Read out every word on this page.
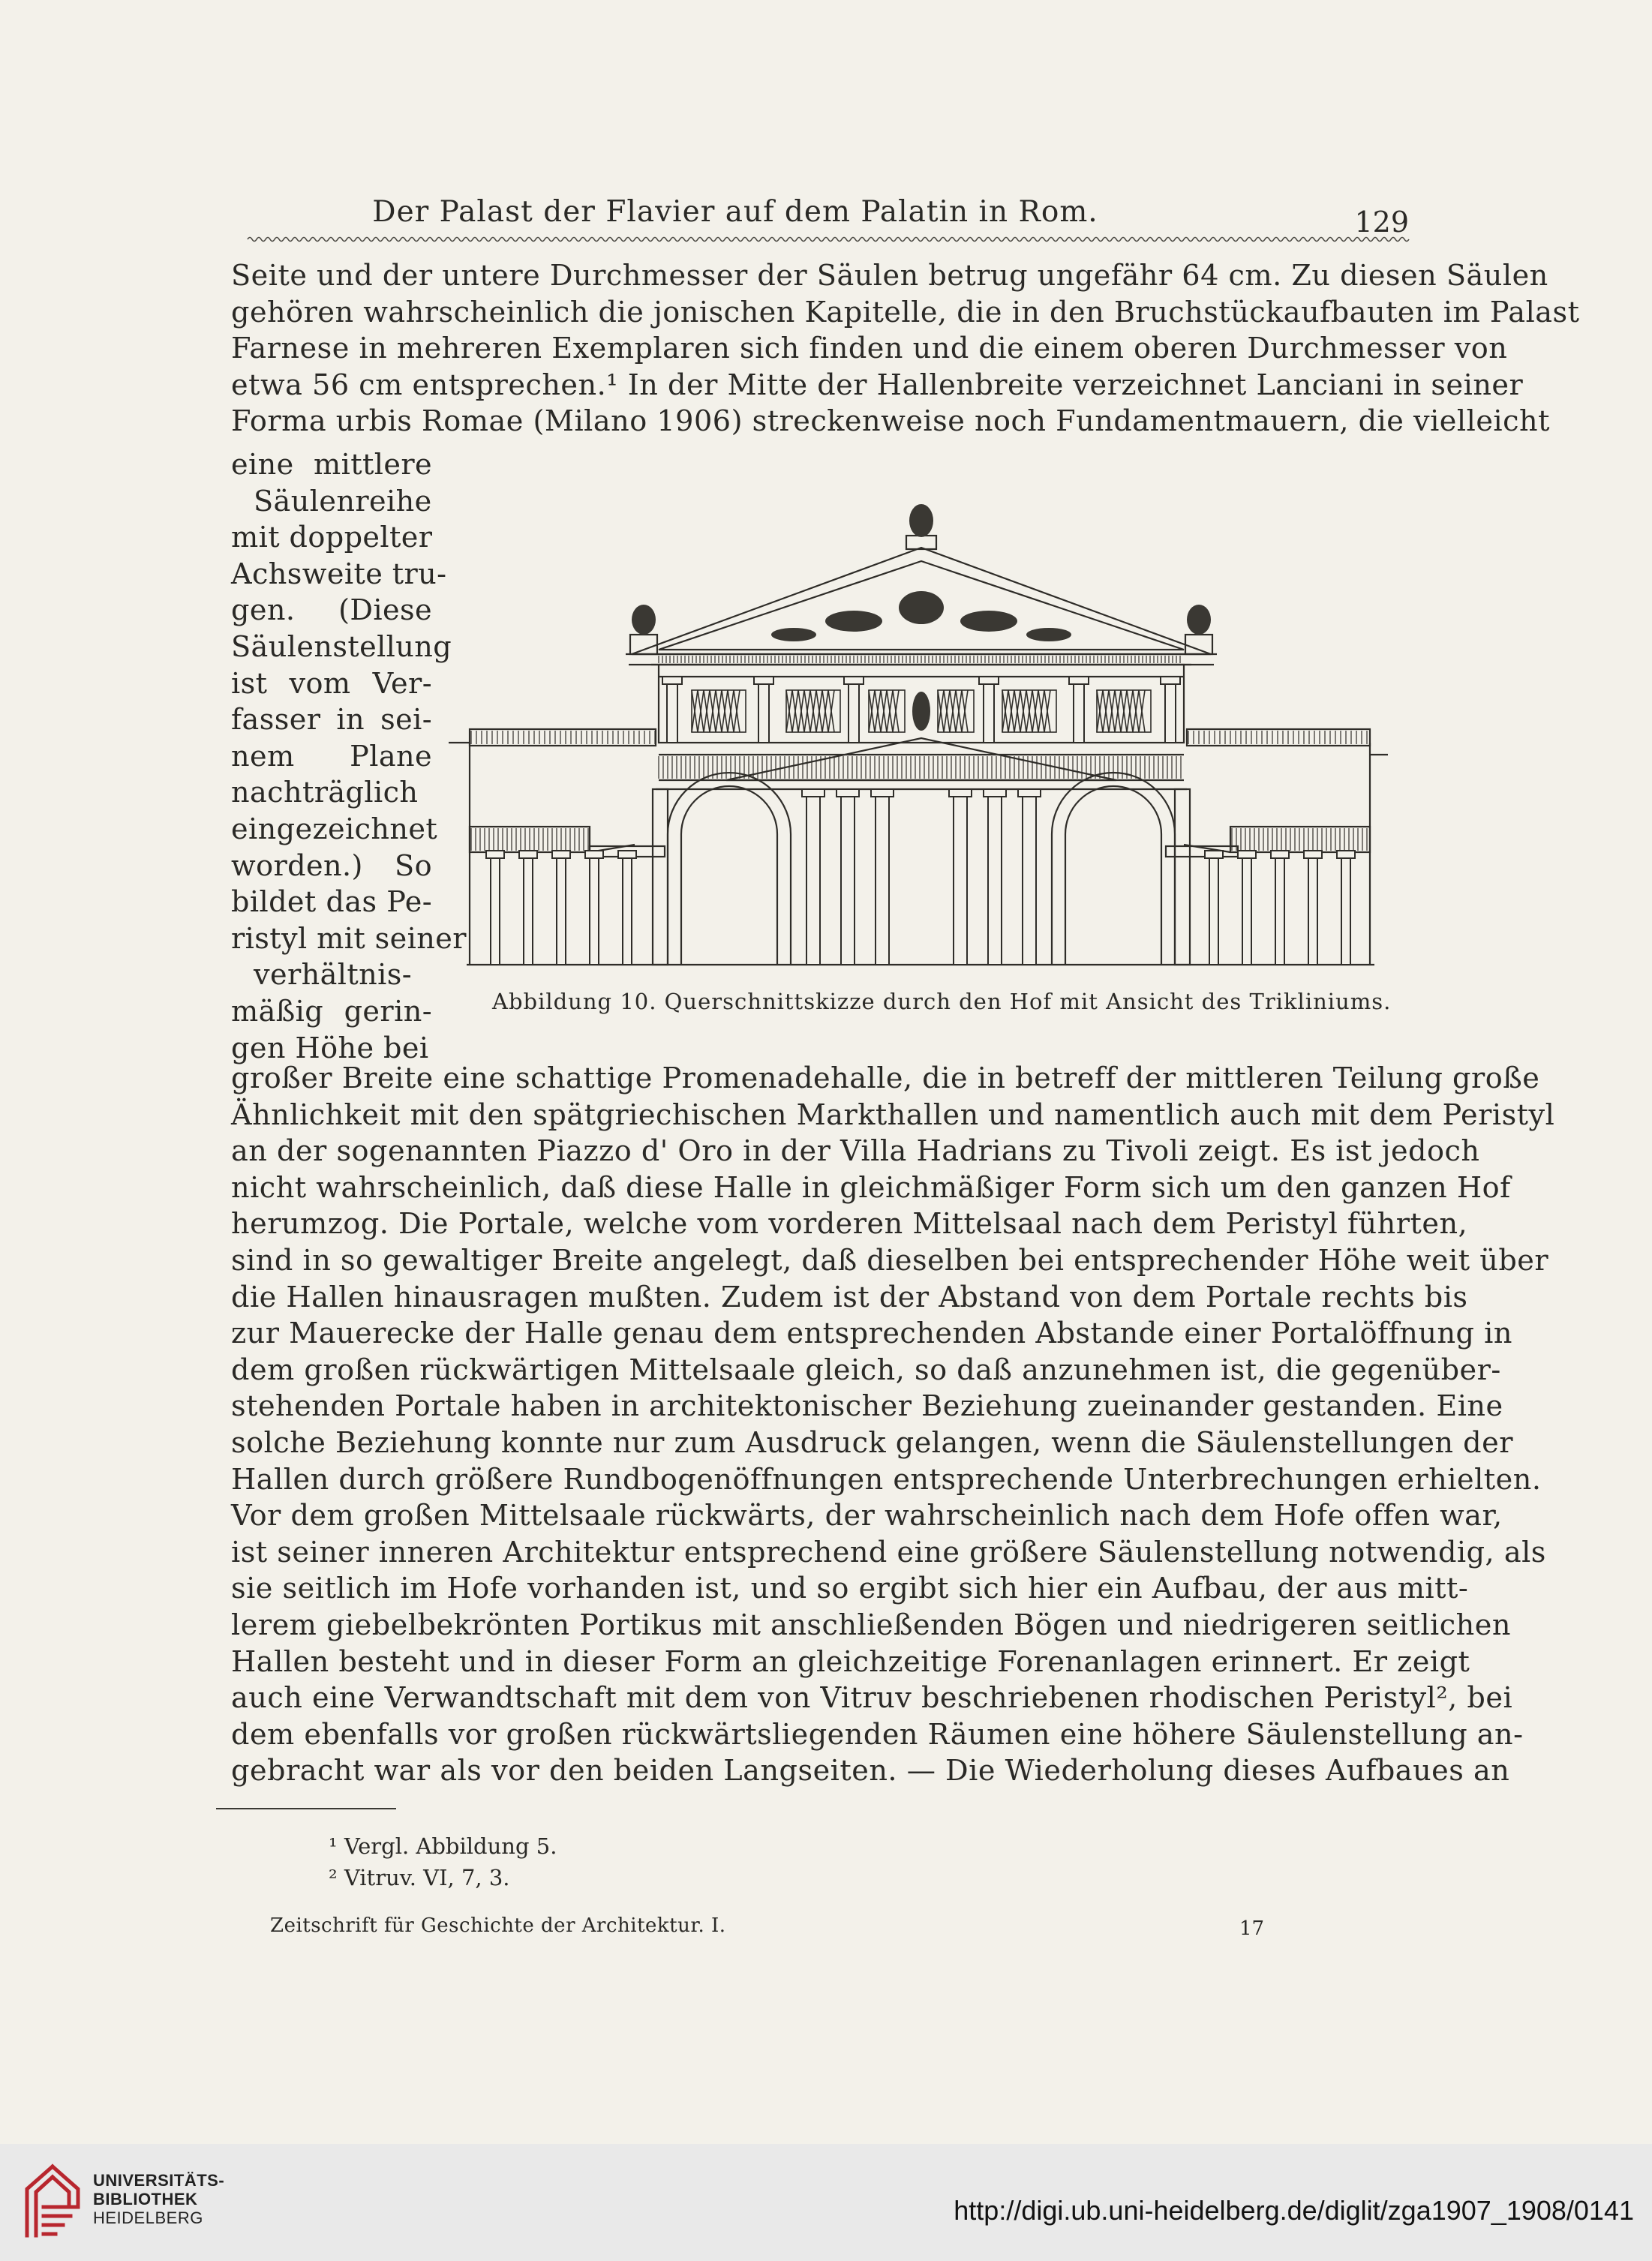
Der Palast der Flavier auf dem Palatin in Rom.	129
Seite und der untere Durchmesser der Säulen betrug ungefähr 64 cm. Zu diesen Säulen
gehören wahrscheinlich die jonischen Kapitelle, die in den Bruchstückaufbauten im Palast
Farnese in mehreren Exemplaren sich finden und die einem oberen Durchmesser von
etwa 56 cm entsprechen.¹ In der Mitte der Hallenbreite verzeichnet Lanciani in seiner
Forma urbis Romae (Milano 1906) streckenweise noch Fundamentmauern, die vielleicht
eine mittlere
Säulenreihe
mit doppelter
Achsweite tru-
gen. (Diese
Säulenstellung
ist vom Ver-
fasser in sei-
nem Plane
nachträglich
eingezeichnet
worden.) So
bildet das Pe-
ristyl mit seiner
verhältnis-
mäßig gerin-
gen Höhe bei
Abbildung 10. Querschnittskizze durch den Hof mit Ansicht des Trikliniums.
großer Breite eine schattige Promenadehalle, die in betreff der mittleren Teilung große
Ähnlichkeit mit den spätgriechischen Markthallen und namentlich auch mit dem Peristyl
an der sogenannten Piazzo d' Oro in der Villa Hadrians zu Tivoli zeigt. Es ist jedoch
nicht wahrscheinlich, daß diese Halle in gleichmäßiger Form sich um den ganzen Hof
herumzog. Die Portale, welche vom vorderen Mittelsaal nach dem Peristyl führten,
sind in so gewaltiger Breite angelegt, daß dieselben bei entsprechender Höhe weit über
die Hallen hinausragen mußten. Zudem ist der Abstand von dem Portale rechts bis
zur Mauerecke der Halle genau dem entsprechenden Abstande einer Portalöffnung in
dem großen rückwärtigen Mittelsaale gleich, so daß anzunehmen ist, die gegenüber-
stehenden Portale haben in architektonischer Beziehung zueinander gestanden. Eine
solche Beziehung konnte nur zum Ausdruck gelangen, wenn die Säulenstellungen der
Hallen durch größere Rundbogenöffnungen entsprechende Unterbrechungen erhielten.
Vor dem großen Mittelsaale rückwärts, der wahrscheinlich nach dem Hofe offen war,
ist seiner inneren Architektur entsprechend eine größere Säulenstellung notwendig, als
sie seitlich im Hofe vorhanden ist, und so ergibt sich hier ein Aufbau, der aus mitt-
lerem giebelbekrönten Portikus mit anschließenden Bögen und niedrigeren seitlichen
Hallen besteht und in dieser Form an gleichzeitige Forenanlagen erinnert. Er zeigt
auch eine Verwandtschaft mit dem von Vitruv beschriebenen rhodischen Peristyl², bei
dem ebenfalls vor großen rückwärtsliegenden Räumen eine höhere Säulenstellung an-
gebracht war als vor den beiden Langseiten. — Die Wiederholung dieses Aufbaues an
¹ Vergl. Abbildung 5.
² Vitruv. VI, 7, 3.
Zeitschrift für Geschichte der Architektur. I.	17
UNIVERSITÄTS-
BIBLIOTHEK
HEIDELBERG	http://digi.ub.uni-heidelberg.de/diglit/zga1907_1908/0141
